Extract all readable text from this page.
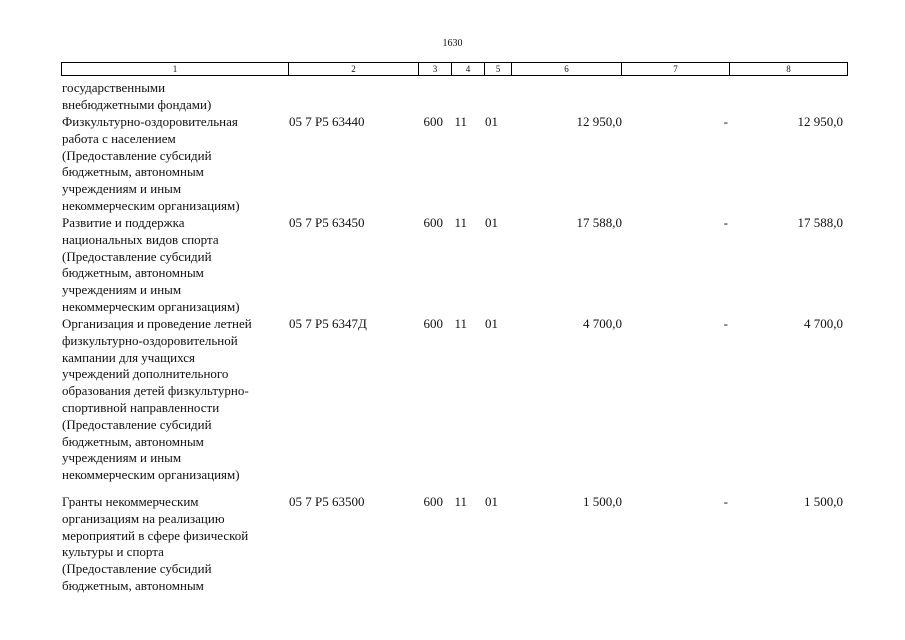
1630
1	2	3	4	5	6	7	8
государственными
внебюджетными фондами)
Физкультурно-оздоровительная
работа с населением
(Предоставление субсидий
бюджетным, автономным
учреждениям и иным
некоммерческим организациям)
05 7 Р5 63440	600 11 01	12 950,0	-	12 950,0
Развитие и поддержка
национальных видов спорта
(Предоставление субсидий
бюджетным, автономным
учреждениям и иным
некоммерческим организациям)
05 7 Р5 63450	600 11 01	17 588,0	-	17 588,0
Организация и проведение летней
физкультурно-оздоровительной
кампании для учащихся
учреждений дополнительного
образования детей физкультурно-
спортивной направленности
(Предоставление субсидий
бюджетным, автономным
учреждениям и иным
некоммерческим организациям)
05 7 Р5 6347Д	600 11 01	4 700,0	-	4 700,0
Гранты некоммерческим
организациям на реализацию
мероприятий в сфере физической
культуры и спорта
(Предоставление субсидий
бюджетным, автономным
05 7 Р5 63500	600 11 01	1 500,0	-	1 500,0
